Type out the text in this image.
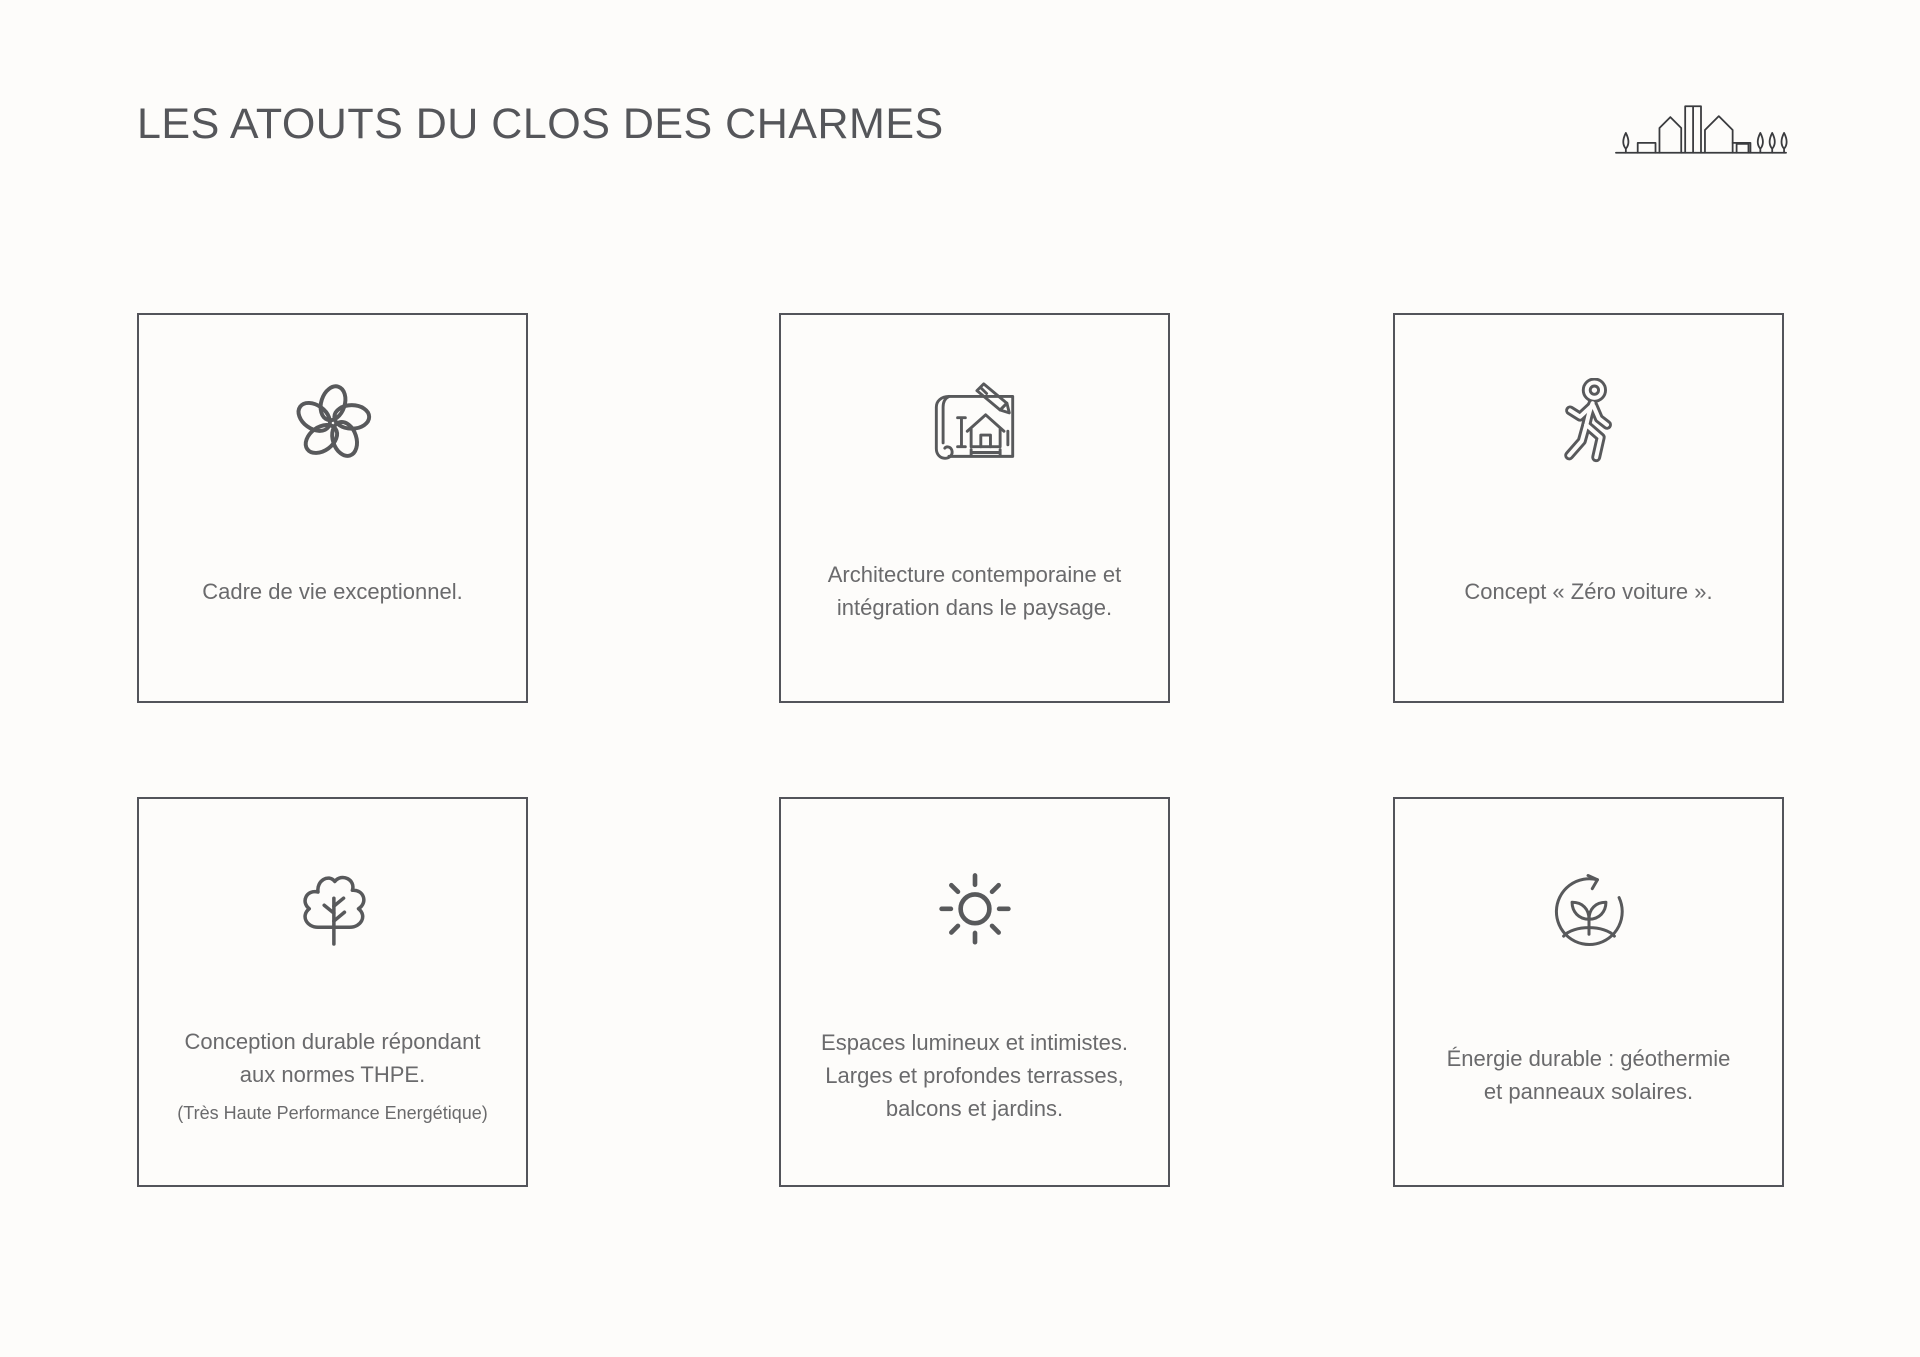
LES ATOUTS DU CLOS DES CHARMES
Cadre de vie exceptionnel.
Architecture contemporaine et
intégration dans le paysage.
Concept « Zéro voiture ».
Conception durable répondant
aux normes THPE.
(Très Haute Performance Energétique)
Espaces lumineux et intimistes.
Larges et profondes terrasses,
balcons et jardins.
Énergie durable : géothermie
et panneaux solaires.
